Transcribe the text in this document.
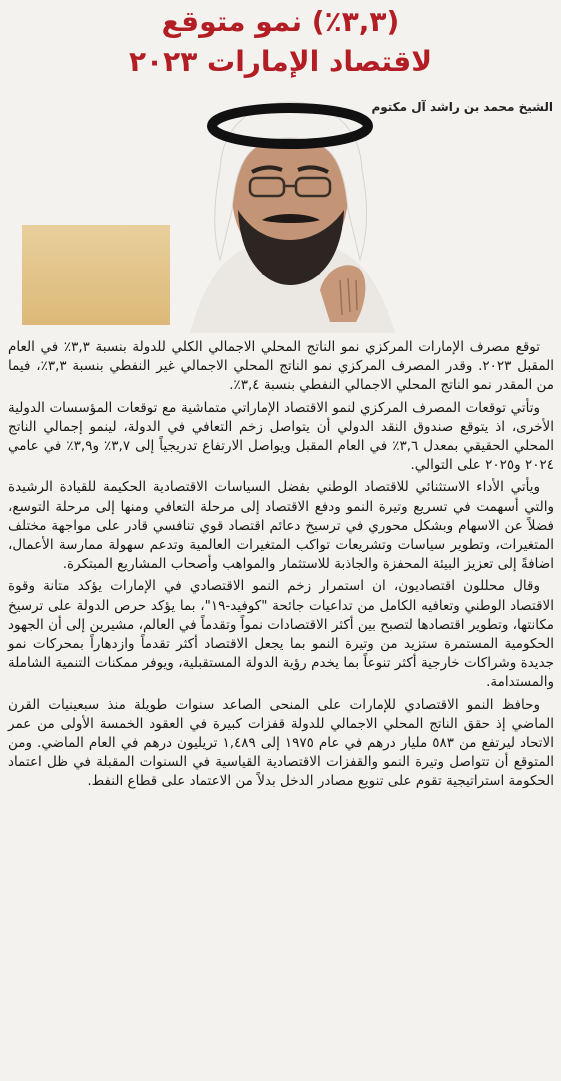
(٣,٣٪) نمو متوقع
لاقتصاد الإمارات ٢٠٢٣
الشيخ محمد بن راشد آل مكتوم

توقع مصرف الإمارات المركزي نمو الناتج المحلي الاجمالي الكلي للدولة بنسبة ٣,٣٪ في العام المقبل ٢٠٢٣. وقدر المصرف المركزي نمو الناتج المحلي الاجمالي غير النفطي بنسبة ٣,٣٪، فيما من المقدر نمو الناتج المحلي الاجمالي النفطي بنسبة ٣,٤٪.

وتأتي توقعات المصرف المركزي لنمو الاقتصاد الإماراتي متماشية مع توقعات المؤسسات الدولية الأخرى، اذ يتوقع صندوق النقد الدولي أن يتواصل زخم التعافي في الدولة، لينمو إجمالي الناتج المحلي الحقيقي بمعدل ٣,٦٪ في العام المقبل ويواصل الارتفاع تدريجياً إلى ٣,٧٪ و٣,٩٪ في عامي ٢٠٢٤ و٢٠٢٥ على التوالي.

ويأتي الأداء الاستثنائي للاقتصاد الوطني بفضل السياسات الاقتصادية الحكيمة للقيادة الرشيدة والتي أسهمت في تسريع وتيرة النمو ودفع الاقتصاد إلى مرحلة التعافي ومنها إلى مرحلة التوسع، فضلاً عن الاسهام وبشكل محوري في ترسيخ دعائم اقتصاد قوي تنافسي قادر على مواجهة مختلف المتغيرات، وتطوير سياسات وتشريعات تواكب المتغيرات العالمية وتدعم سهولة ممارسة الأعمال، اضافةً إلى تعزيز البيئة المحفزة والجاذبة للاستثمار والمواهب وأصحاب المشاريع المبتكرة.

وقال محللون اقتصاديون، ان استمرار زخم النمو الاقتصادي في الإمارات يؤكد متانة وقوة الاقتصاد الوطني وتعافيه الكامل من تداعيات جائحة "كوفيد-١٩"، بما يؤكد حرص الدولة على ترسيخ مكانتها، وتطوير اقتصادها لتصبح بين أكثر الاقتصادات نمواً وتقدماً في العالم، مشيرين إلى أن الجهود الحكومية المستمرة ستزيد من وتيرة النمو بما يجعل الاقتصاد أكثر تقدماً وازدهاراً بمحركات نمو جديدة وشراكات خارجية أكثر تنوعاً بما يخدم رؤية الدولة المستقبلية، ويوفر ممكنات التنمية الشاملة والمستدامة.

وحافظ النمو الاقتصادي للإمارات على المنحى الصاعد سنوات طويلة منذ سبعينيات القرن الماضي إذ حقق الناتج المحلي الاجمالي للدولة قفزات كبيرة في العقود الخمسة الأولى من عمر الاتحاد ليرتفع من ٥٨٣ مليار درهم في عام ١٩٧٥ إلى ١,٤٨٩ تريليون درهم في العام الماضي. ومن المتوقع أن تتواصل وتيرة النمو والقفزات الاقتصادية القياسية في السنوات المقبلة في ظل اعتماد الحكومة استراتيجية تقوم على تنويع مصادر الدخل بدلاً من الاعتماد على قطاع النفط.
